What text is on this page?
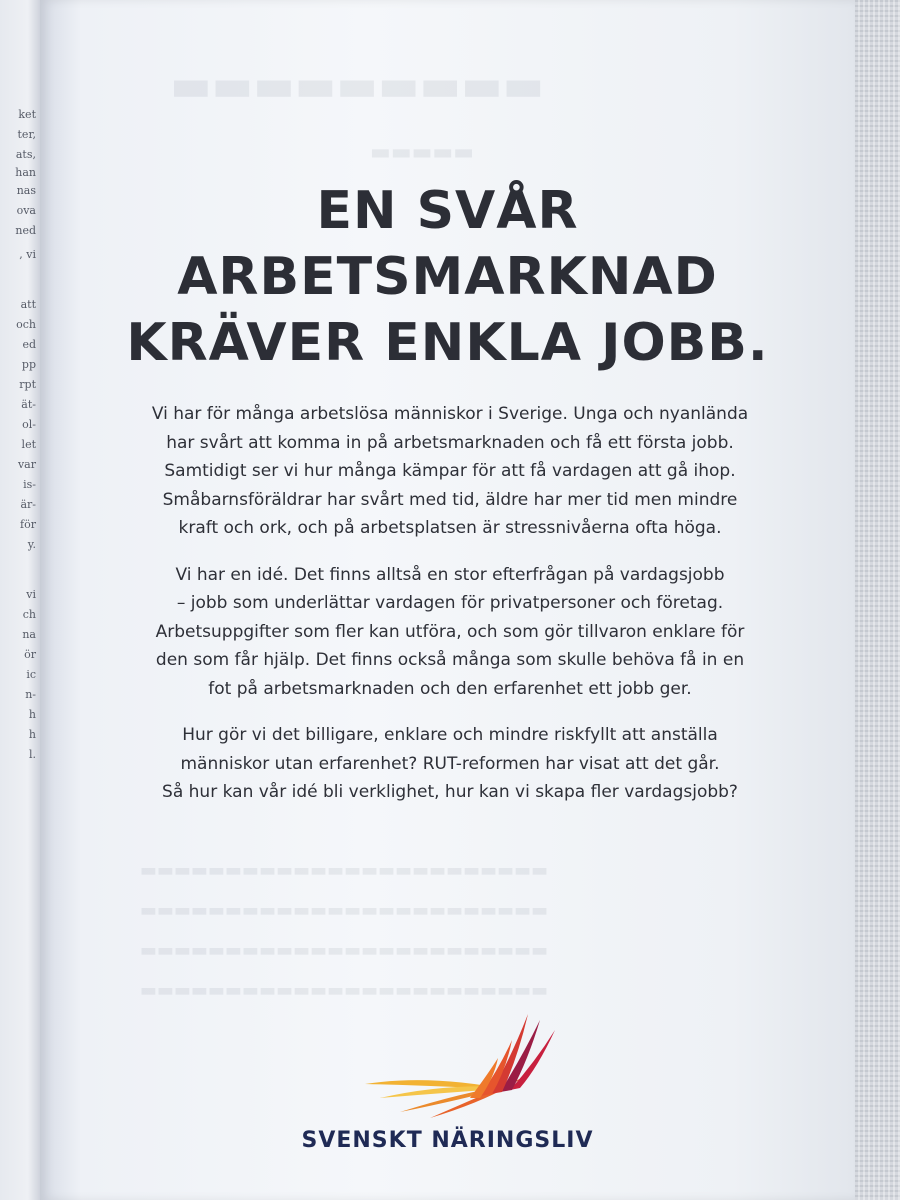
ket
ter,
ats,
han
nas
ova
ned
, vi
att
och
ed
pp
rpt
ät-
ol-
let
var
is-
är-
för
y.
vi
ch
na
ör
ic
n-
h
h
l.
▬▬▬▬▬▬▬▬▬
▬▬▬▬▬
▬▬▬▬▬▬▬▬▬▬▬▬▬▬▬▬▬▬▬▬▬▬▬▬
▬▬▬▬▬▬▬▬▬▬▬▬▬▬▬▬▬▬▬▬▬▬▬▬
▬▬▬▬▬▬▬▬▬▬▬▬▬▬▬▬▬▬▬▬▬▬▬▬
▬▬▬▬▬▬▬▬▬▬▬▬▬▬▬▬▬▬▬▬▬▬▬▬
EN SVÅR
ARBETSMARKNAD
KRÄVER ENKLA JOBB.

Vi har för många arbetslösa människor i Sverige. Unga och nyanlända
har svårt att komma in på arbetsmarknaden och få ett första jobb.
Samtidigt ser vi hur många kämpar för att få vardagen att gå ihop.
Småbarnsföräldrar har svårt med tid, äldre har mer tid men mindre
kraft och ork, och på arbetsplatsen är stressnivåerna ofta höga.

Vi har en idé. Det finns alltså en stor efterfrågan på vardagsjobb
– jobb som underlättar vardagen för privatpersoner och företag.
Arbetsuppgifter som fler kan utföra, och som gör tillvaron enklare för
den som får hjälp. Det finns också många som skulle behöva få in en
fot på arbetsmarknaden och den erfarenhet ett jobb ger.

Hur gör vi det billigare, enklare och mindre riskfyllt att anställa
människor utan erfarenhet? RUT-reformen har visat att det går.
Så hur kan vår idé bli verklighet, hur kan vi skapa fler vardagsjobb?

SVENSKT NÄRINGSLIV
